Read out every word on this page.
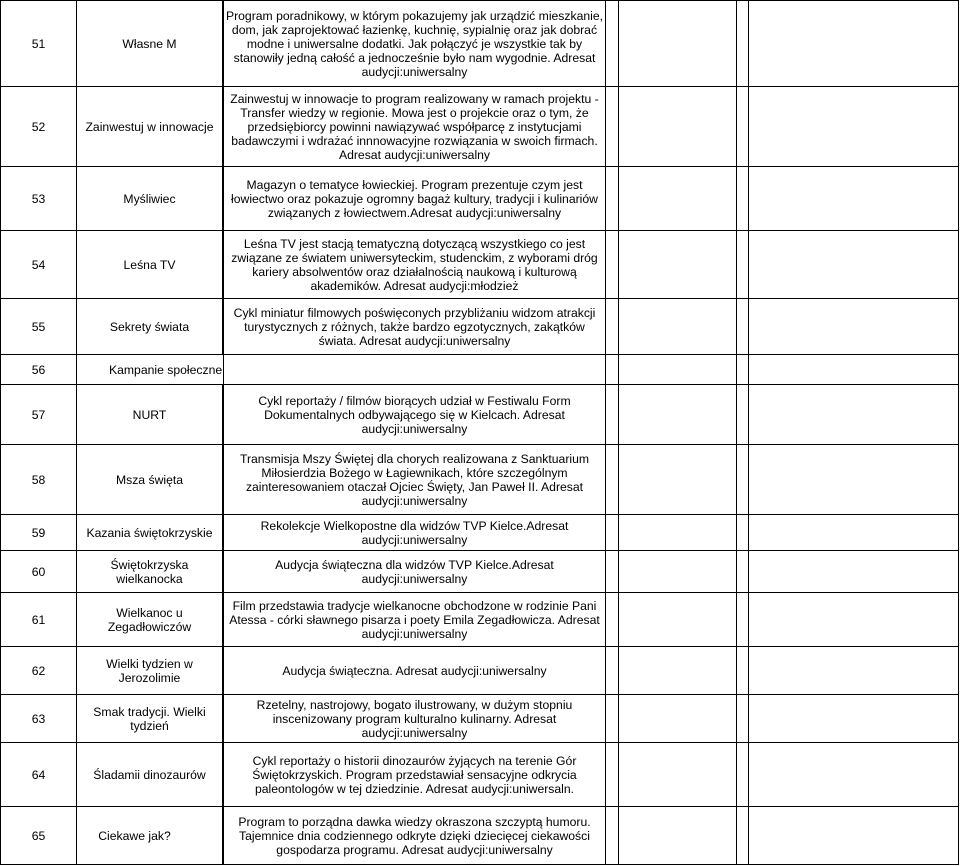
51	Własne M		Program poradnikowy, w którym pokazujemy jak urządzić mieszkanie, dom, jak zaprojektować łazienkę, kuchnię, sypialnię oraz jak dobrać modne i uniwersalne dodatki. Jak połączyć je wszystkie tak by stanowiły jedną całość a jednocześnie było nam wygodnie. Adresat audycji:uniwersalny				
52	Zainwestuj w innowacje		Zainwestuj w innowacje to program realizowany w ramach projektu - Transfer wiedzy w regionie. Mowa jest o projekcie oraz o tym, że przedsiębiorcy powinni nawiązywać współparcę z instytucjami badawczymi i wdrażać innnowacyjne rozwiązania w swoich firmach. Adresat audycji:uniwersalny				
53	Myśliwiec		Magazyn o tematyce łowieckiej. Program prezentuje czym jest łowiectwo oraz pokazuje ogromny bagaż kultury, tradycji i kulinariów związanych z łowiectwem.Adresat audycji:uniwersalny				
54	Leśna TV		Leśna TV jest stacją tematyczną dotyczącą wszystkiego co jest związane ze światem uniwersyteckim, studenckim, z wyborami dróg kariery absolwentów oraz działalnością naukową i kulturową akademików. Adresat audycji:młodzież				
55	Sekrety świata		Cykl miniatur filmowych poświęconych przybliżaniu widzom atrakcji turystycznych z różnych, także bardzo egzotycznych, zakątków świata. Adresat audycji:uniwersalny				
56	Kampanie społeczne					
57	NURT		Cykl reportaży / filmów biorących udział w Festiwalu Form Dokumentalnych odbywającego się w Kielcach. Adresat audycji:uniwersalny				
58	Msza święta		Transmisja Mszy Świętej dla chorych realizowana z Sanktuarium Miłosierdzia Bożego w Łagiewnikach, które szczególnym zainteresowaniem otaczał Ojciec Święty, Jan Paweł II. Adresat audycji:uniwersalny				
59	Kazania świętokrzyskie		Rekolekcje Wielkopostne dla widzów TVP Kielce.Adresat audycji:uniwersalny				
60	Świętokrzyska wielkanocka		Audycja świąteczna dla widzów TVP Kielce.Adresat audycji:uniwersalny				
61	Wielkanoc u Zegadłowiczów		Film przedstawia tradycje wielkanocne obchodzone w rodzinie Pani Atessa - córki sławnego pisarza i poety Emila Zegadłowicza. Adresat audycji:uniwersalny				
62	Wielki tydzien w Jerozolimie		Audycja świąteczna. Adresat audycji:uniwersalny				
63	Smak tradycji. Wielki tydzień		Rzetelny, nastrojowy, bogato ilustrowany, w dużym stopniu inscenizowany program kulturalno kulinarny. Adresat audycji:uniwersalny				
64	Śladamii dinozaurów		Cykl reportaży o historii dinozaurów żyjących na terenie Gór Świętokrzyskich. Program przedstawiał sensacyjne odkrycia paleontologów w tej dziedzinie. Adresat audycji:uniwersaln.				
65	Ciekawe jak?		Program to porządna dawka wiedzy okraszona szczyptą humoru. Tajemnice dnia codziennego odkryte dzięki dziecięcej ciekawości gospodarza programu. Adresat audycji:uniwersalny				
